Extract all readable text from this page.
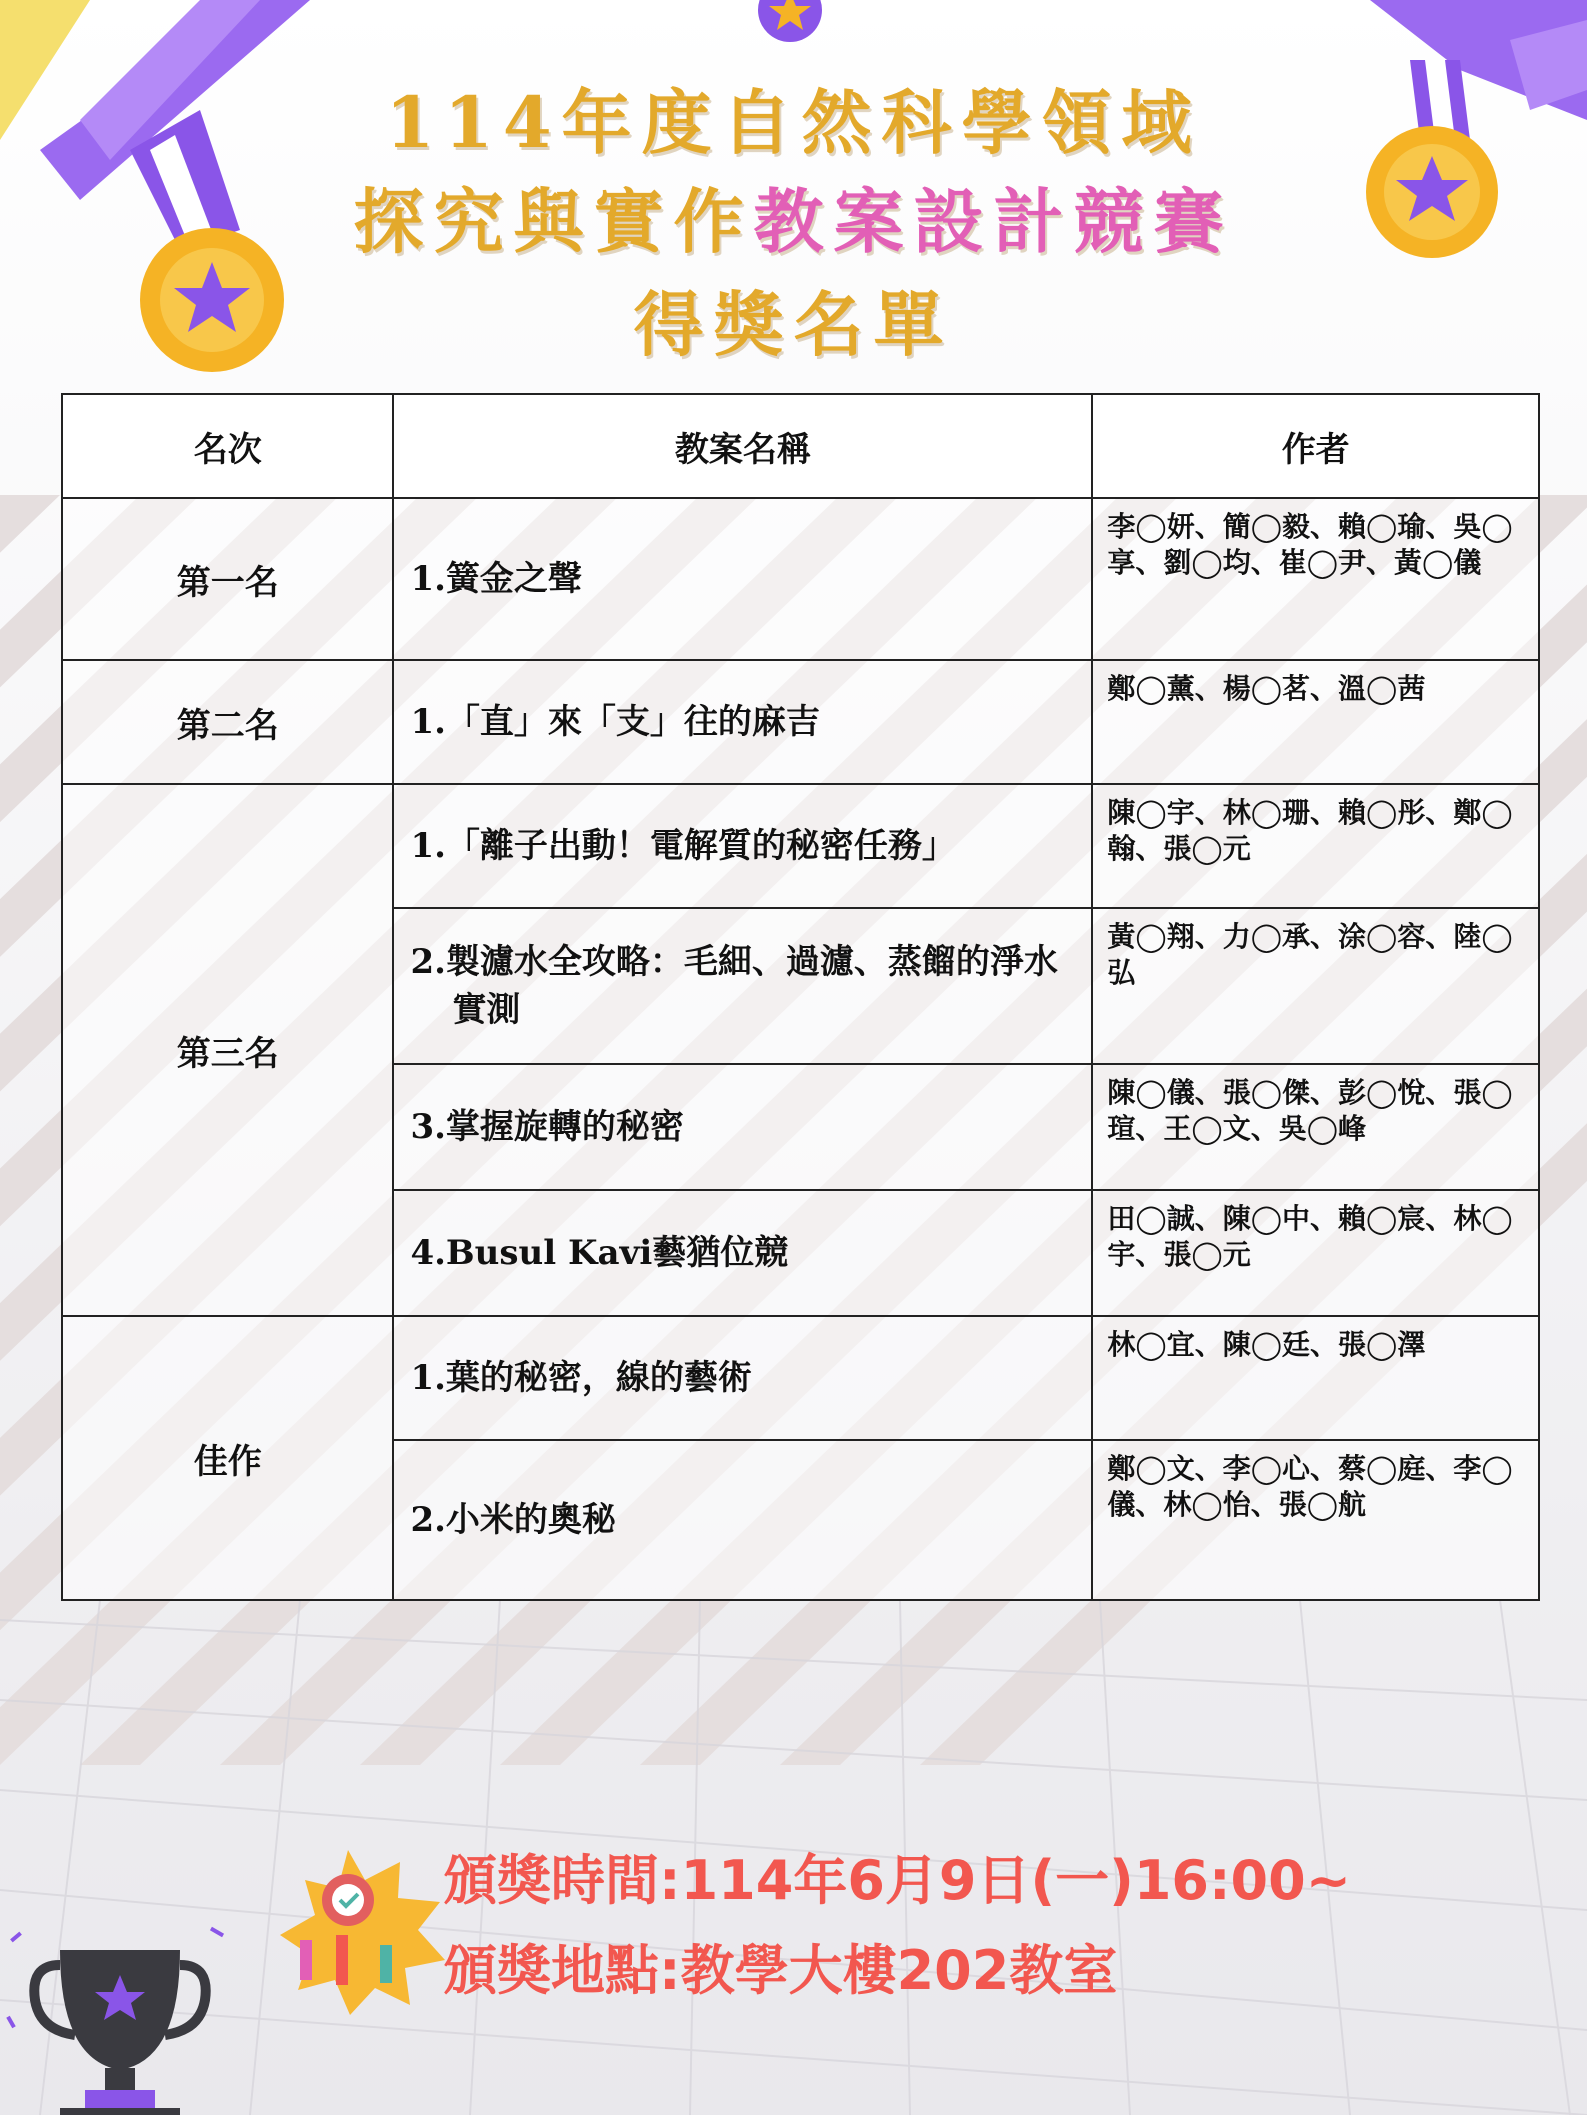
114年度自然科學領域
探究與實作教案設計競賽
得獎名單
名次	教案名稱	作者
第一名	1.簧金之聲	李◯妍、簡◯毅、賴◯瑜、吳◯享、劉◯均、崔◯尹、黃◯儀
第二名	1.「直」來「支」往的麻吉	鄭◯薰、楊◯茗、溫◯茜
第三名	1.「離子出動！電解質的秘密任務」	陳◯宇、林◯珊、賴◯彤、鄭◯翰、張◯元

	2.製濾水全攻略：毛細、過濾、蒸餾的淨水實測	黃◯翔、力◯承、涂◯容、陸◯弘

	3.掌握旋轉的秘密	陳◯儀、張◯傑、彭◯悅、張◯瑄、王◯文、吳◯峰

	4.Busul Kavi藝猶位競	田◯誠、陳◯中、賴◯宸、林◯宇、張◯元
佳作	1.葉的秘密，線的藝術	林◯宜、陳◯廷、張◯澤

	2.小米的奧秘	鄭◯文、李◯心、蔡◯庭、李◯儀、林◯怡、張◯航
頒獎時間:114年6月9日(一)16:00~
頒獎地點:教學大樓202教室
